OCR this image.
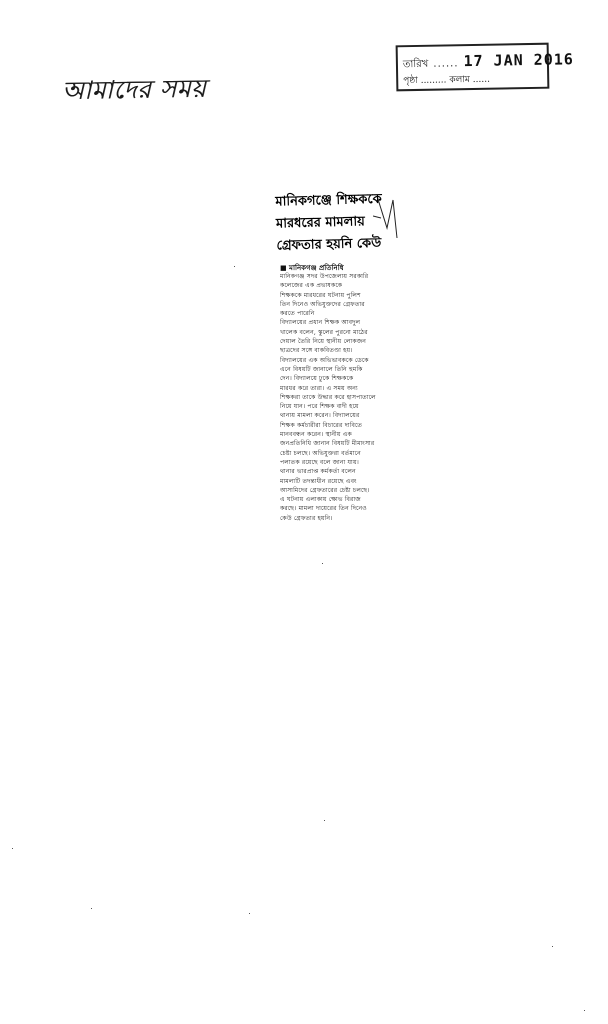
আমাদের সময়
তারিখ ...... 17 JAN 2016
পৃষ্ঠা ......... কলাম ......
মানিকগঞ্জে শিক্ষককে
মারধরের মামলায়
গ্রেফতার হয়নি কেউ
■ মানিকগঞ্জ প্রতিনিধি
মানিকগঞ্জ সদর উপজেলায় সরকারি
কলেজের এক প্রভাষককে
শিক্ষককে মারধরের ঘটনায় পুলিশ
তিন দিনেও অভিযুক্তদের গ্রেফতার
করতে পারেনি
বিদ্যালয়ের প্রধান শিক্ষক আবদুল
খালেক বলেন, স্কুলের পুরনো মাঠের
দেয়াল তৈরি নিয়ে স্থানীয় লোকজন
ছাত্রদের সঙ্গে বাকবিতণ্ডা হয়।
বিদ্যালয়ের এক অভিভাবককে ডেকে
এনে বিষয়টি জানালে তিনি হুমকি
দেন। বিদ্যালয়ে ঢুকে শিক্ষককে
মারধর করে তারা। এ সময় অন্য
শিক্ষকরা তাকে উদ্ধার করে হাসপাতালে
নিয়ে যান। পরে শিক্ষক বাদী হয়ে
থানায় মামলা করেন। বিদ্যালয়ের
শিক্ষক কর্মচারীরা বিচারের দাবিতে
মানববন্ধন করেন। স্থানীয় এক
জনপ্রতিনিধি জানান বিষয়টি মীমাংসার
চেষ্টা চলছে। অভিযুক্তরা বর্তমানে
পলাতক রয়েছে বলে জানা যায়।
থানার ভারপ্রাপ্ত কর্মকর্তা বলেন
মামলাটি তদন্তাধীন রয়েছে এবং
আসামিদের গ্রেফতারের চেষ্টা চলছে।
এ ঘটনায় এলাকায় ক্ষোভ বিরাজ
করছে। মামলা দায়েরের তিন দিনেও
কেউ গ্রেফতার হয়নি।
